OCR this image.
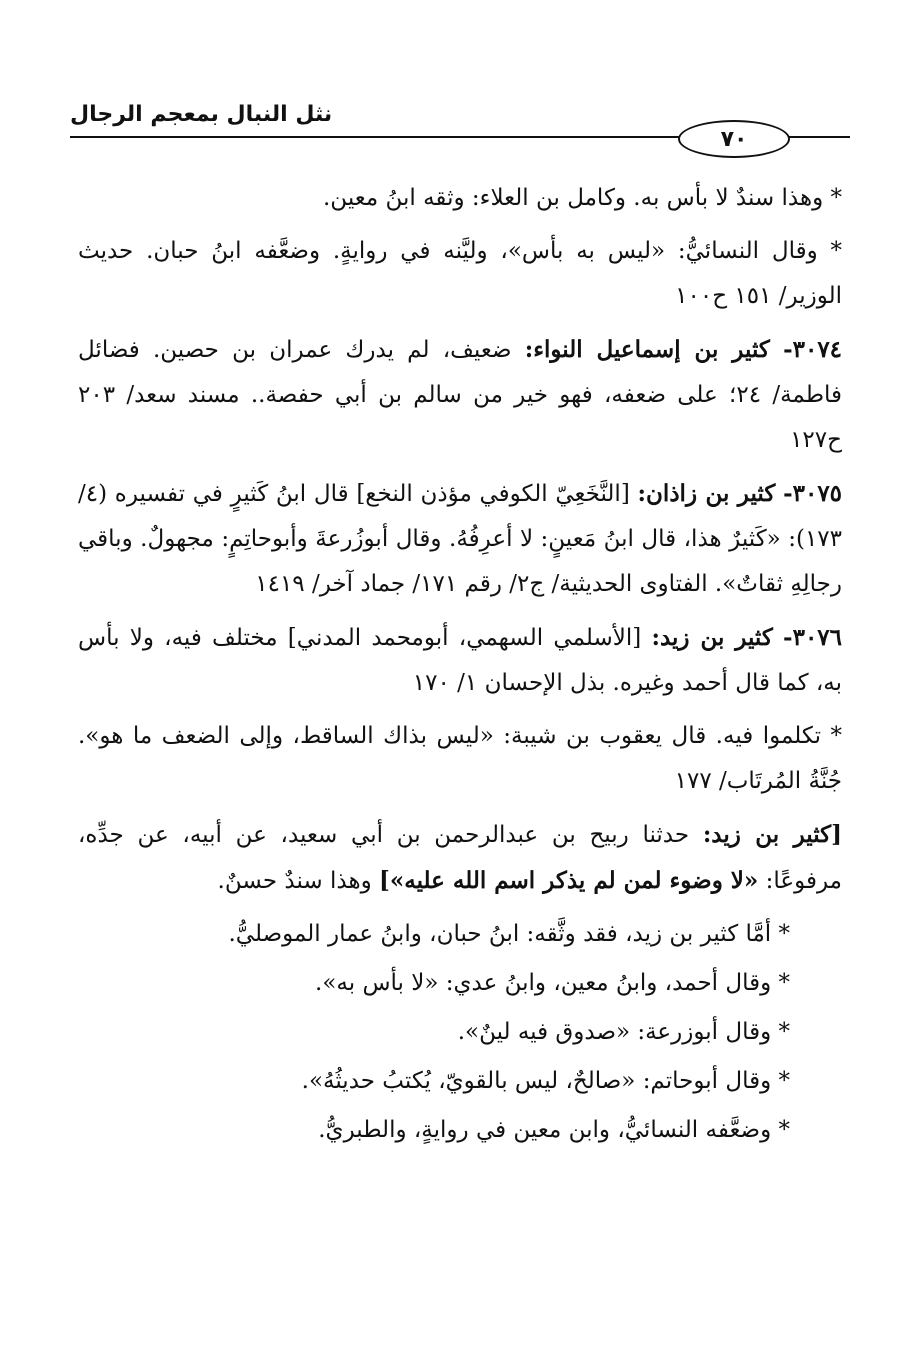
نثل النبال بمعجم الرجال
٧٠

* وهذا سندٌ لا بأس به. وكامل بن العلاء: وثقه ابنُ معين.

* وقال النسائيُّ: «ليس به بأس»، وليَّنه في روايةٍ. وضعَّفه ابنُ حبان. حديث الوزير/ ١٥١ ح١٠٠

٣٠٧٤- كثير بن إسماعيل النواء: ضعيف، لم يدرك عمران بن حصين. فضائل فاطمة/ ٢٤؛ على ضعفه، فهو خير من سالم بن أبي حفصة.. مسند سعد/ ٢٠٣ ح١٢٧

٣٠٧٥- كثير بن زاذان: [النَّخَعِيّ الكوفي مؤذن النخع] قال ابنُ كَثيرٍ في تفسيره (٤/ ١٧٣): «كَثيرٌ هذا، قال ابنُ مَعينٍ: لا أعرِفُهُ. وقال أبوزُرعةَ وأبوحاتِمٍ: مجهولٌ. وباقي رجالِهِ ثقاتٌ». الفتاوى الحديثية/ ج٢/ رقم ١٧١/ جماد آخر/ ١٤١٩

٣٠٧٦- كثير بن زيد: [الأسلمي السهمي، أبومحمد المدني] مختلف فيه، ولا بأس به، كما قال أحمد وغيره. بذل الإحسان ١/ ١٧٠

* تكلموا فيه. قال يعقوب بن شيبة: «ليس بذاك الساقط، وإلى الضعف ما هو». جُنَّةُ المُرتَاب/ ١٧٧

[كثير بن زيد: حدثنا ربيح بن عبدالرحمن بن أبي سعيد، عن أبيه، عن جدِّه، مرفوعًا: «لا وضوء لمن لم يذكر اسم الله عليه»] وهذا سندٌ حسنٌ.

* أمَّا كثير بن زيد، فقد وثَّقه: ابنُ حبان، وابنُ عمار الموصليُّ.

* وقال أحمد، وابنُ معين، وابنُ عدي: «لا بأس به».

* وقال أبوزرعة: «صدوق فيه لينٌ».

* وقال أبوحاتم: «صالحٌ، ليس بالقويّ، يُكتبُ حديثُهُ».

* وضعَّفه النسائيُّ، وابن معين في روايةٍ، والطبريُّ.
